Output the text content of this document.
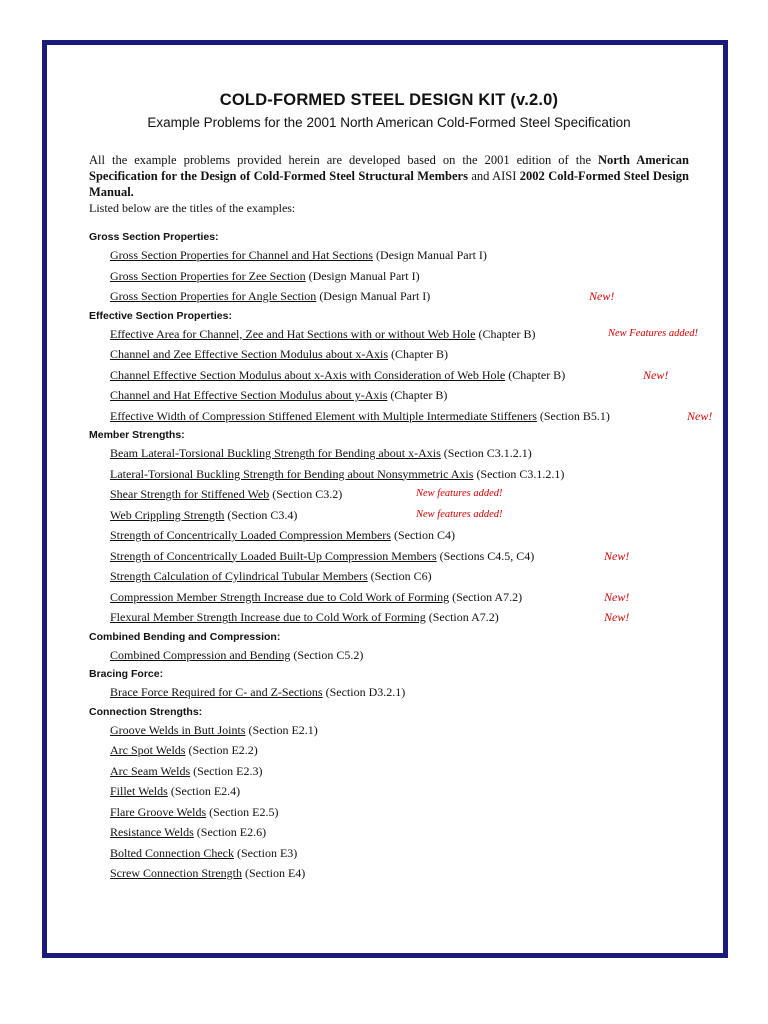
COLD-FORMED STEEL DESIGN KIT (v.2.0)
Example Problems for the 2001 North American Cold-Formed Steel Specification
All the example problems provided herein are developed based on the 2001 edition of the North American Specification for the Design of Cold-Formed Steel Structural Members and AISI 2002 Cold-Formed Steel Design Manual.
Listed below are the titles of the examples:
Gross Section Properties:
Gross Section Properties for Channel and Hat Sections (Design Manual Part I)
Gross Section Properties for Zee Section (Design Manual Part I)
Gross Section Properties for Angle Section (Design Manual Part I)	New!
Effective Section Properties:
Effective Area for Channel, Zee and Hat Sections with or without Web Hole (Chapter B)	New Features added!
Channel and Zee Effective Section Modulus about x-Axis (Chapter B)
Channel Effective Section Modulus about x-Axis with Consideration of Web Hole (Chapter B)	New!
Channel and Hat Effective Section Modulus about y-Axis (Chapter B)
Effective Width of Compression Stiffened Element with Multiple Intermediate Stiffeners (Section B5.1)	New!
Member Strengths:
Beam Lateral-Torsional Buckling Strength for Bending about x-Axis (Section C3.1.2.1)
Lateral-Torsional Buckling Strength for Bending about Nonsymmetric Axis (Section C3.1.2.1)
Shear Strength for Stiffened Web (Section C3.2)	New features added!
Web Crippling Strength (Section C3.4)	New features added!
Strength of Concentrically Loaded Compression Members (Section C4)
Strength of Concentrically Loaded Built-Up Compression Members (Sections C4.5, C4)	New!
Strength Calculation of Cylindrical Tubular Members (Section C6)
Compression Member Strength Increase due to Cold Work of Forming (Section A7.2)	New!
Flexural Member Strength Increase due to Cold Work of Forming (Section A7.2)	New!
Combined Bending and Compression:
Combined Compression and Bending (Section C5.2)
Bracing Force:
Brace Force Required for C- and Z-Sections (Section D3.2.1)
Connection Strengths:
Groove Welds in Butt Joints (Section E2.1)
Arc Spot Welds (Section E2.2)
Arc Seam Welds (Section E2.3)
Fillet Welds (Section E2.4)
Flare Groove Welds (Section E2.5)
Resistance Welds (Section E2.6)
Bolted Connection Check (Section E3)
Screw Connection Strength (Section E4)
